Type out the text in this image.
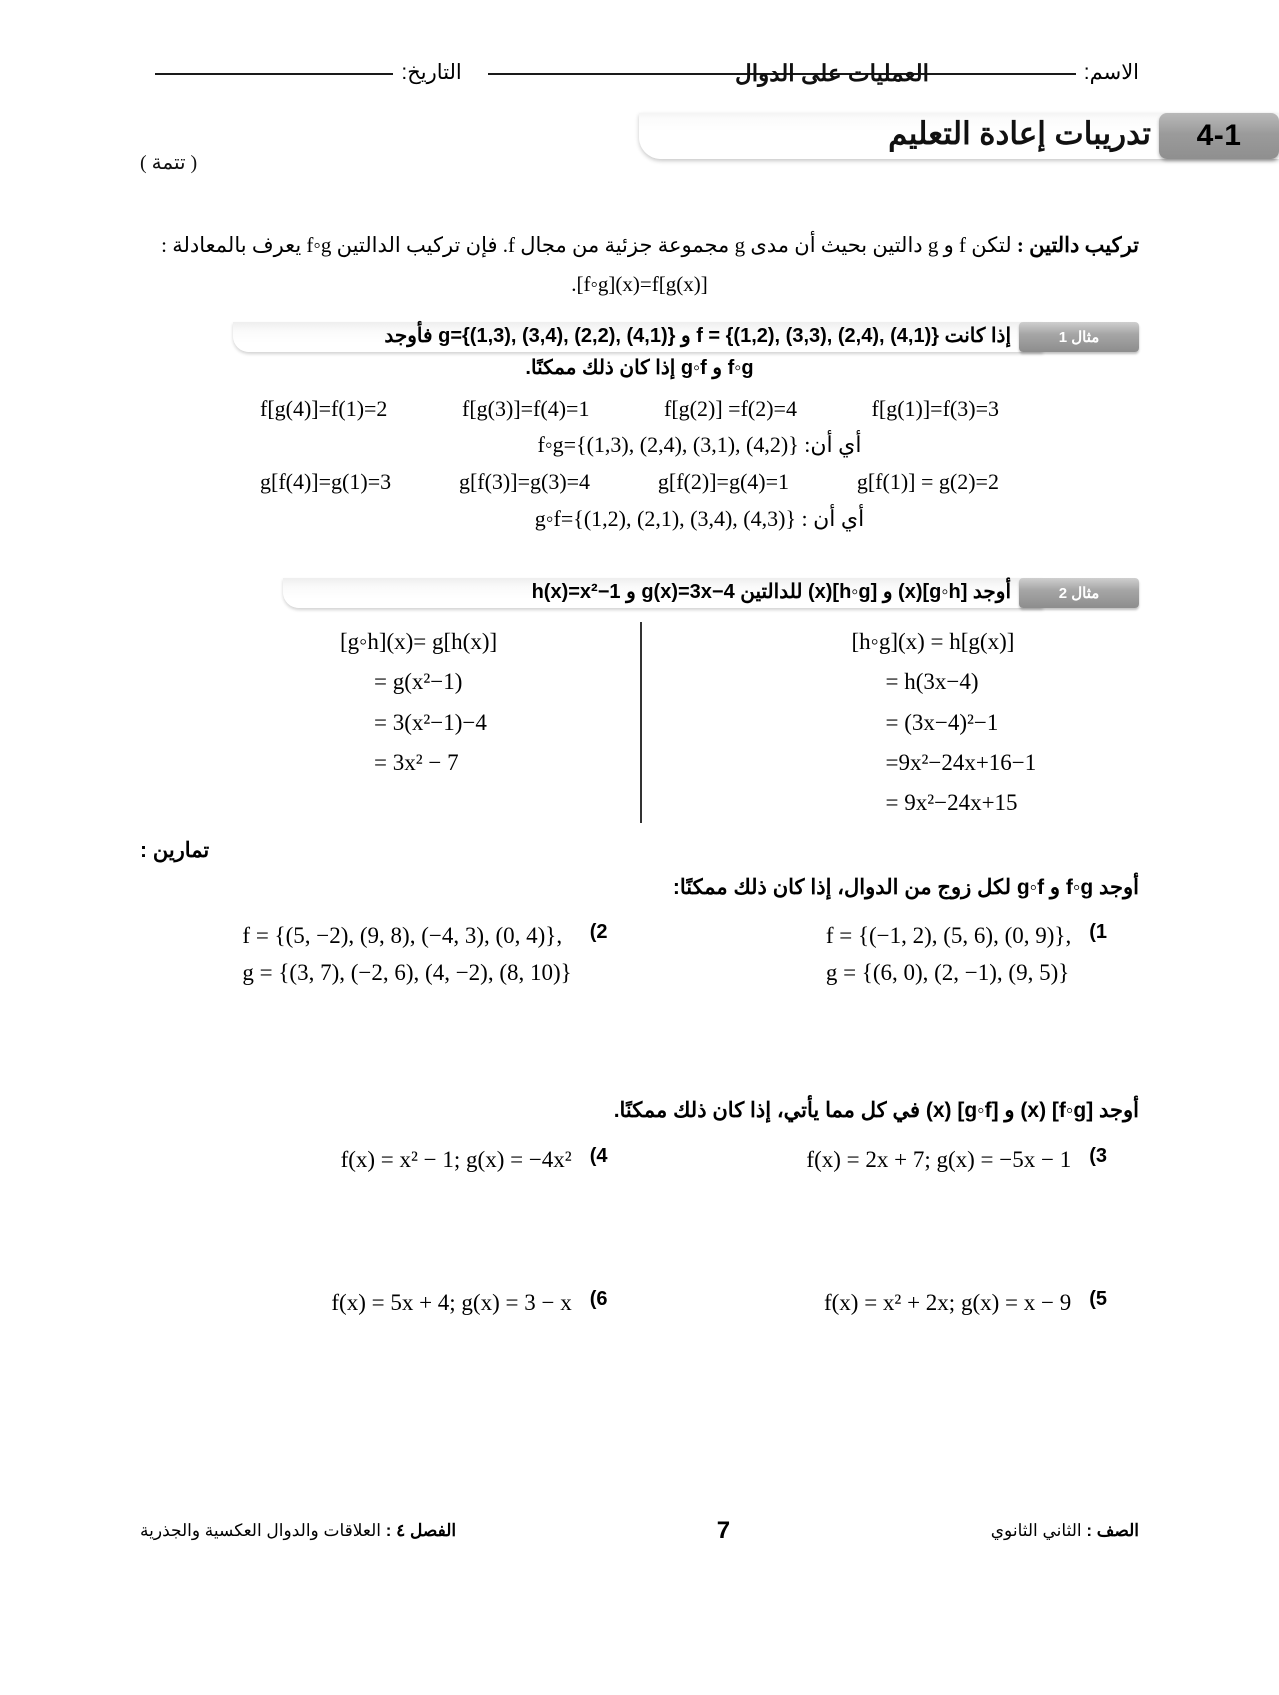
الاسم:
التاريخ:
4-1
تدريبات إعادة التعليم
العمليات على الدوال
( تتمة )
تركيب دالتين : لتكن f و g دالتين بحيث أن مدى g مجموعة جزئية من مجال f. فإن تركيب الدالتين f◦g يعرف بالمعادلة :
.[f◦g](x)=f[g(x)]
مثال 1
إذا كانت f = {(1,2), (3,3), (2,4), (4,1)} و g={(1,3), (3,4), (2,2), (4,1)} فأوجد
f◦g و g◦f إذا كان ذلك ممكنًا.
f[g(1)]=f(3)=3
f[g(2)] =f(2)=4
f[g(3)]=f(4)=1
f[g(4)]=f(1)=2
أي أن: f◦g={(1,3), (2,4), (3,1), (4,2)}
g[f(1)] = g(2)=2
g[f(2)]=g(4)=1
g[f(3)]=g(3)=4
g[f(4)]=g(1)=3
أي أن : g◦f={(1,2), (2,1), (3,4), (4,3)}
مثال 2
أوجد [g◦h](x) و [h◦g](x) للدالتين g(x)=3x−4 و h(x)=x²−1
[g◦h](x)= g[h(x)]
= g(x²−1)
= 3(x²−1)−4
= 3x² − 7
[h◦g](x) = h[g(x)]
= h(3x−4)
= (3x−4)²−1
=9x²−24x+16−1
= 9x²−24x+15
تمارين :
أوجد f◦g و g◦f لكل زوج من الدوال، إذا كان ذلك ممكنًا:
(1
f = {(−1, 2), (5, 6), (0, 9)},
g = {(6, 0), (2, −1), (9, 5)}
(2
f = {(5, −2), (9, 8), (−4, 3), (0, 4)},
g = {(3, 7), (−2, 6), (4, −2), (8, 10)}
أوجد [f◦g] (x) و [g◦f] (x) في كل مما يأتي، إذا كان ذلك ممكنًا.
(3
f(x) = 2x + 7; g(x) = −5x − 1
(4
f(x) = x² − 1; g(x) = −4x²
(5
f(x) = x² + 2x; g(x) = x − 9
(6
f(x) = 5x + 4; g(x) = 3 − x
الصف : الثاني الثانوي
7
الفصل ٤ : العلاقات والدوال العكسية والجذرية
